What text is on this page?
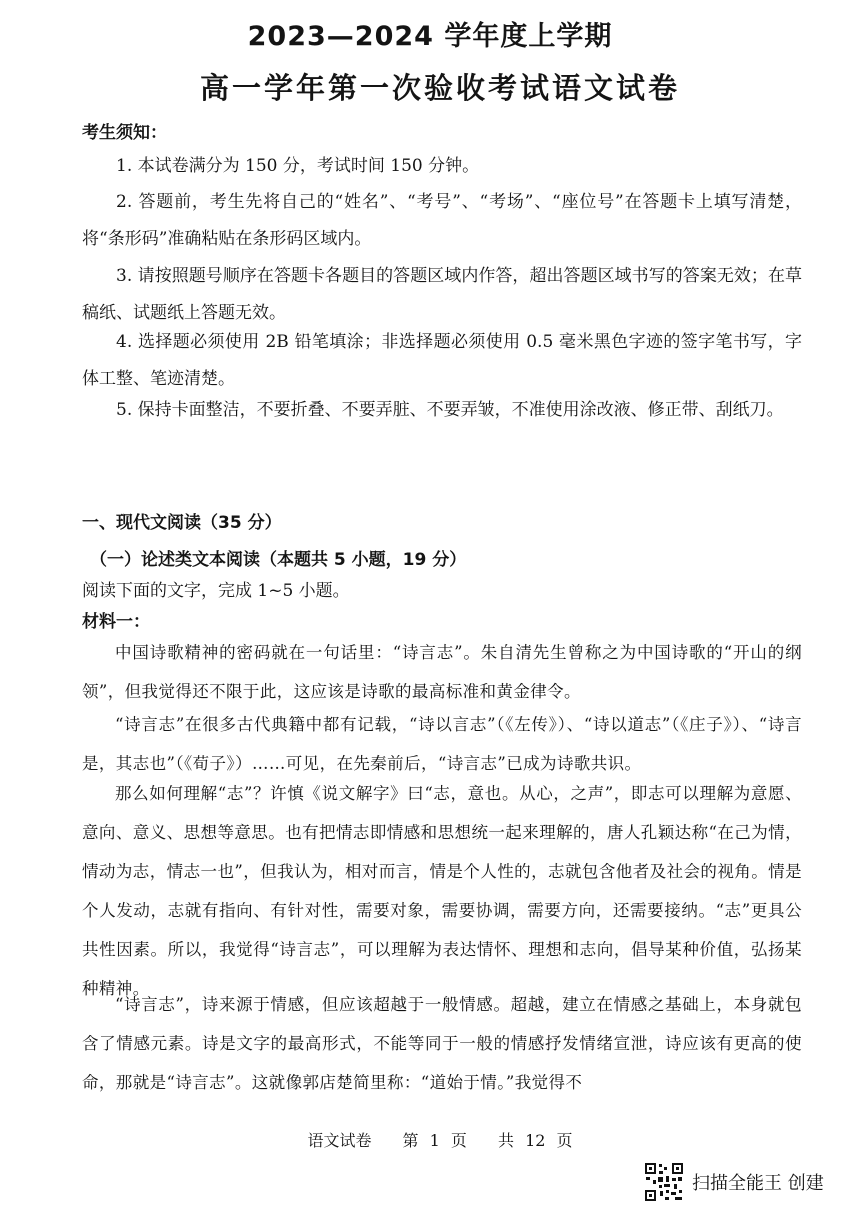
2023—2024 学年度上学期
高一学年第一次验收考试语文试卷
考生须知：

1. 本试卷满分为 150 分，考试时间 150 分钟。

2. 答题前，考生先将自己的“姓名”、“考号”、“考场”、“座位号”在答题卡上填写清楚，将“条形码”准确粘贴在条形码区域内。

3. 请按照题号顺序在答题卡各题目的答题区域内作答，超出答题区域书写的答案无效；在草稿纸、试题纸上答题无效。

4. 选择题必须使用 2B 铅笔填涂；非选择题必须使用 0.5 毫米黑色字迹的签字笔书写，字体工整、笔迹清楚。

5. 保持卡面整洁，不要折叠、不要弄脏、不要弄皱，不准使用涂改液、修正带、刮纸刀。

一、现代文阅读（35 分）
（一）论述类文本阅读（本题共 5 小题，19 分）
阅读下面的文字，完成 1~5 小题。
材料一：

中国诗歌精神的密码就在一句话里：“诗言志”。朱自清先生曾称之为中国诗歌的“开山的纲领”，但我觉得还不限于此，这应该是诗歌的最高标准和黄金律令。

“诗言志”在很多古代典籍中都有记载，“诗以言志”（《左传》）、“诗以道志”（《庄子》）、“诗言是，其志也”（《荀子》）……可见，在先秦前后，“诗言志”已成为诗歌共识。

那么如何理解“志”？许慎《说文解字》曰“志，意也。从心，之声”，即志可以理解为意愿、意向、意义、思想等意思。也有把情志即情感和思想统一起来理解的，唐人孔颖达称“在己为情，情动为志，情志一也”，但我认为，相对而言，情是个人性的，志就包含他者及社会的视角。情是个人发动，志就有指向、有针对性，需要对象，需要协调，需要方向，还需要接纳。“志”更具公共性因素。所以，我觉得“诗言志”，可以理解为表达情怀、理想和志向，倡导某种价值，弘扬某种精神。

“诗言志”，诗来源于情感，但应该超越于一般情感。超越，建立在情感之基础上，本身就包含了情感元素。诗是文字的最高形式，不能等同于一般的情感抒发情绪宣泄，诗应该有更高的使命，那就是“诗言志”。这就像郭店楚简里称：“道始于情。”我觉得不

语文试卷 第 1 页 共 12 页
扫描全能王 创建
